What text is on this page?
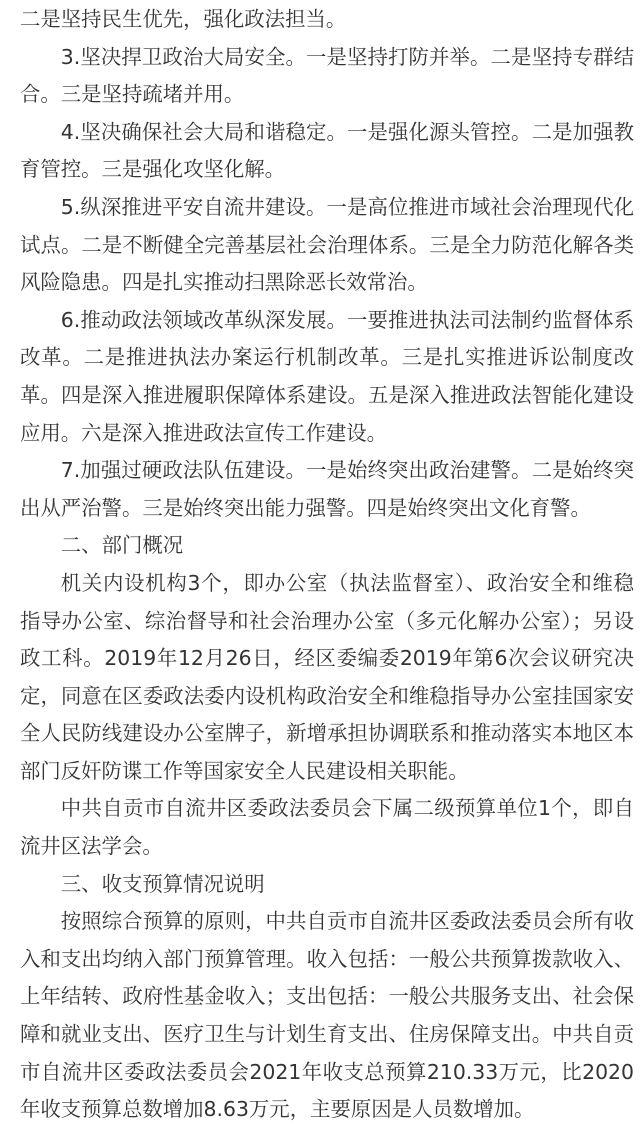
二是坚持民生优先，强化政法担当。

3.坚决捍卫政治大局安全。一是坚持打防并举。二是坚持专群结合。三是坚持疏堵并用。

4.坚决确保社会大局和谐稳定。一是强化源头管控。二是加强教育管控。三是强化攻坚化解。

5.纵深推进平安自流井建设。一是高位推进市域社会治理现代化试点。二是不断健全完善基层社会治理体系。三是全力防范化解各类风险隐患。四是扎实推动扫黑除恶长效常治。

6.推动政法领域改革纵深发展。一要推进执法司法制约监督体系改革。二是推进执法办案运行机制改革。三是扎实推进诉讼制度改革。四是深入推进履职保障体系建设。五是深入推进政法智能化建设应用。六是深入推进政法宣传工作建设。

7.加强过硬政法队伍建设。一是始终突出政治建警。二是始终突出从严治警。三是始终突出能力强警。四是始终突出文化育警。

二、部门概况

机关内设机构3个，即办公室（执法监督室）、政治安全和维稳指导办公室、综治督导和社会治理办公室（多元化解办公室）；另设政工科。2019年12月26日，经区委编委2019年第6次会议研究决定，同意在区委政法委内设机构政治安全和维稳指导办公室挂国家安全人民防线建设办公室牌子，新增承担协调联系和推动落实本地区本部门反奸防谍工作等国家安全人民建设相关职能。

中共自贡市自流井区委政法委员会下属二级预算单位1个，即自流井区法学会。

三、收支预算情况说明

按照综合预算的原则，中共自贡市自流井区委政法委员会所有收入和支出均纳入部门预算管理。收入包括：一般公共预算拨款收入、上年结转、政府性基金收入；支出包括：一般公共服务支出、社会保障和就业支出、医疗卫生与计划生育支出、住房保障支出。中共自贡市自流井区委政法委员会2021年收支总预算210.33万元，比2020年收支预算总数增加8.63万元，主要原因是人员数增加。
